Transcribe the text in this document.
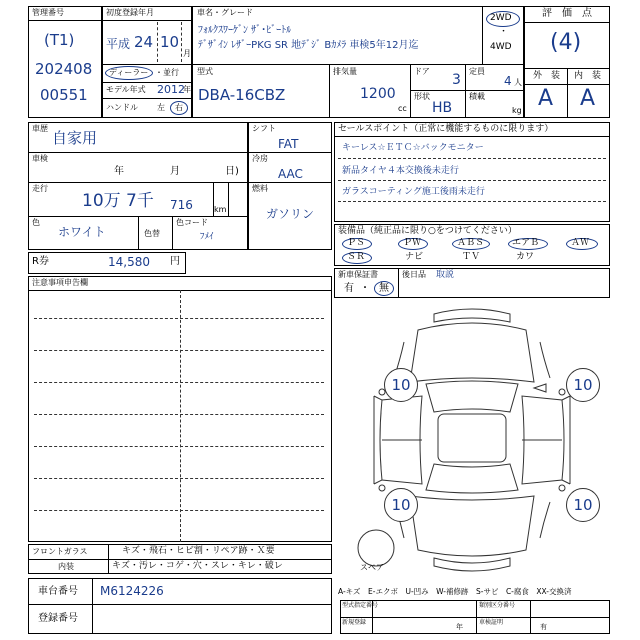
管理番号
(T1)
202408
00551
初度登録年月
平成 24 10
月
ディーラー ・ 並行
モデル年式 2012
年
ハンドル 左 右
車名・グレード
ﾌｫﾙｸｽﾜｰｹﾞﾝ ｻﾞ･ﾋﾞｰﾄﾙ
ﾃﾞｻﾞｲﾝ ﾚｻﾞｰPKG SR 地ﾃﾞｼﾞ Bｶﾒﾗ 車検5年12月迄
2WD
・
4WD
型式
DBA-16CBZ
排気量
1200
cc
ドア
3
定員
4 人
形状
HB
積載
kg
評　価　点
(4)
外　装 内　装
A A
車歴
自家用
車検
年	月	日)
走行
10万 7千 716	km
色
ホワイト	色替
色コード
ﾌﾒｲ
シフト
FAT
冷房
AAC
燃料
ガソリン
R券	14,580 円
注意事項申告欄
フロントガラス	キズ・飛石・ヒビ割・リペア跡・Ｘ要
内装	キズ・汚レ・コゲ・穴・スレ・キレ・破レ
車台番号 M6124226
登録番号
セールスポイント（正常に機能するものに限ります）
キーレス☆ＥＴＣ☆バックモニター
新品タイヤ４本交換後未走行
ガラスコーティング施工後雨未走行
装備品（純正品に限り○をつけてください）
ＰＳ	ＰＷ	ＡＢＳ	エアＢ	ＡＷ
ＳＲ	ナビ	ＴＶ	カワ
新車保証書
有 ・ 無
後日品 取説
10	10
10	10
スペア
A-キズ　E-エクボ　U-凹み　W-補修跡　S-サビ　C-腐食　XX-交換済
型式指定番号	類別区分番号
新規登録
年
車検証明
有
